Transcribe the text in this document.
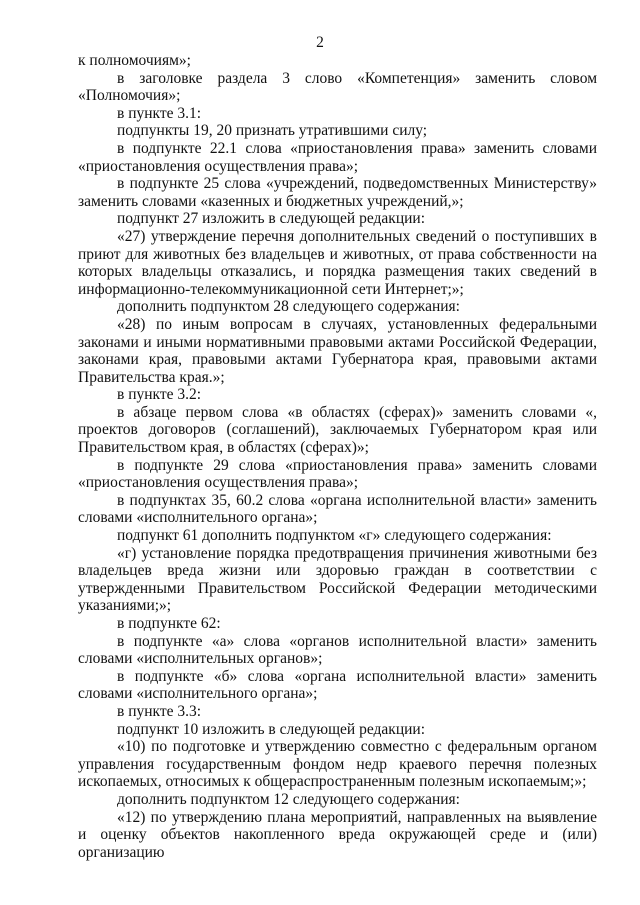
2

к полномочиям»;

в заголовке раздела 3 слово «Компетенция» заменить словом «Полномочия»;

в пункте 3.1:

подпункты 19, 20 признать утратившими силу;

в подпункте 22.1 слова «приостановления права» заменить словами «приостановления осуществления права»;

в подпункте 25 слова «учреждений, подведомственных Министерству» заменить словами «казенных и бюджетных учреждений,»;

подпункт 27 изложить в следующей редакции:

«27) утверждение перечня дополнительных сведений о поступивших в приют для животных без владельцев и животных, от права собственности на которых владельцы отказались, и порядка размещения таких сведений в информационно-телекоммуникационной сети Интернет;»;

дополнить подпунктом 28 следующего содержания:

«28) по иным вопросам в случаях, установленных федеральными законами и иными нормативными правовыми актами Российской Федерации, законами края, правовыми актами Губернатора края, правовыми актами Правительства края.»;

в пункте 3.2:

в абзаце первом слова «в областях (сферах)» заменить словами «, проектов договоров (соглашений), заключаемых Губернатором края или Правительством края, в областях (сферах)»;

в подпункте 29 слова «приостановления права» заменить словами «приостановления осуществления права»;

в подпунктах 35, 60.2 слова «органа исполнительной власти» заменить словами «исполнительного органа»;

подпункт 61 дополнить подпунктом «г» следующего содержания:

«г) установление порядка предотвращения причинения животными без владельцев вреда жизни или здоровью граждан в соответствии с утвержденными Правительством Российской Федерации методическими указаниями;»;

в подпункте 62:

в подпункте «а» слова «органов исполнительной власти» заменить словами «исполнительных органов»;

в подпункте «б» слова «органа исполнительной власти» заменить словами «исполнительного органа»;

в пункте 3.3:

подпункт 10 изложить в следующей редакции:

«10) по подготовке и утверждению совместно с федеральным органом управления государственным фондом недр краевого перечня полезных ископаемых, относимых к общераспространенным полезным ископаемым;»;

дополнить подпунктом 12 следующего содержания:

«12) по утверждению плана мероприятий, направленных на выявление и оценку объектов накопленного вреда окружающей среде и (или) организацию
